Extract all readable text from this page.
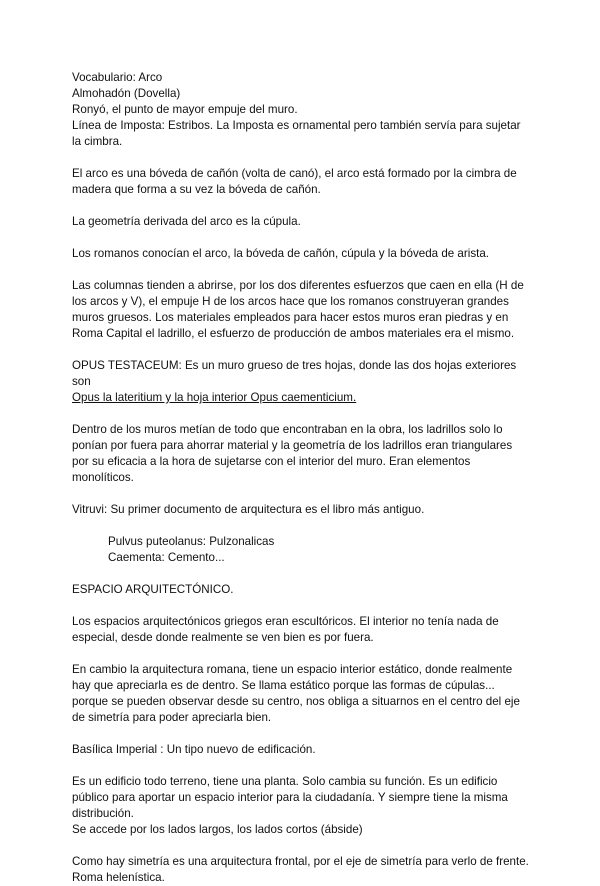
Vocabulario: Arco
Almohadón (Dovella)
Ronyó, el punto de mayor empuje del muro.
Línea de Imposta: Estribos. La Imposta es ornamental pero también servía para sujetar la cimbra.

El arco es una bóveda de cañón (volta de canó), el arco está formado por la cimbra de madera que forma a su vez la bóveda de cañón.

La geometría derivada del arco es la cúpula.

Los romanos conocían el arco, la bóveda de cañón, cúpula y la bóveda de arista.

Las columnas tienden a abrirse, por los dos diferentes esfuerzos que caen en ella (H de los arcos y V), el empuje H de los arcos hace que los romanos construyeran grandes muros gruesos. Los materiales empleados para hacer estos muros eran piedras y en Roma Capital el ladrillo, el esfuerzo de producción de ambos materiales era el mismo.

OPUS TESTACEUM: Es un muro grueso de tres hojas, donde las dos hojas exteriores son
Opus la lateritium y la hoja interior Opus caementicium.

Dentro de los muros metían de todo que encontraban en la obra, los ladrillos solo lo ponían por fuera para ahorrar material y la geometría de los ladrillos eran triangulares por su eficacia a la hora de sujetarse con el interior del muro. Eran elementos monolíticos.

Vitruvi: Su primer documento de arquitectura es el libro más antiguo.

Pulvus puteolanus: Pulzonalicas
Caementa: Cemento...

ESPACIO ARQUITECTÓNICO.

Los espacios arquitectónicos griegos eran escultóricos. El interior no tenía nada de especial, desde donde realmente se ven bien es por fuera.

En cambio la arquitectura romana, tiene un espacio interior estático, donde realmente hay que apreciarla es de dentro. Se llama estático porque las formas de cúpulas... porque se pueden observar desde su centro, nos obliga a situarnos en el centro del eje de simetría para poder apreciarla bien.

Basílica Imperial : Un tipo nuevo de edificación.

Es un edificio todo terreno, tiene una planta. Solo cambia su función. Es un edificio público para aportar un espacio interior para la ciudadanía. Y siempre tiene la misma distribución.
Se accede por los lados largos, los lados cortos (ábside)
Como hay simetría es una arquitectura frontal, por el eje de simetría para verlo de frente.
Roma helenística.
